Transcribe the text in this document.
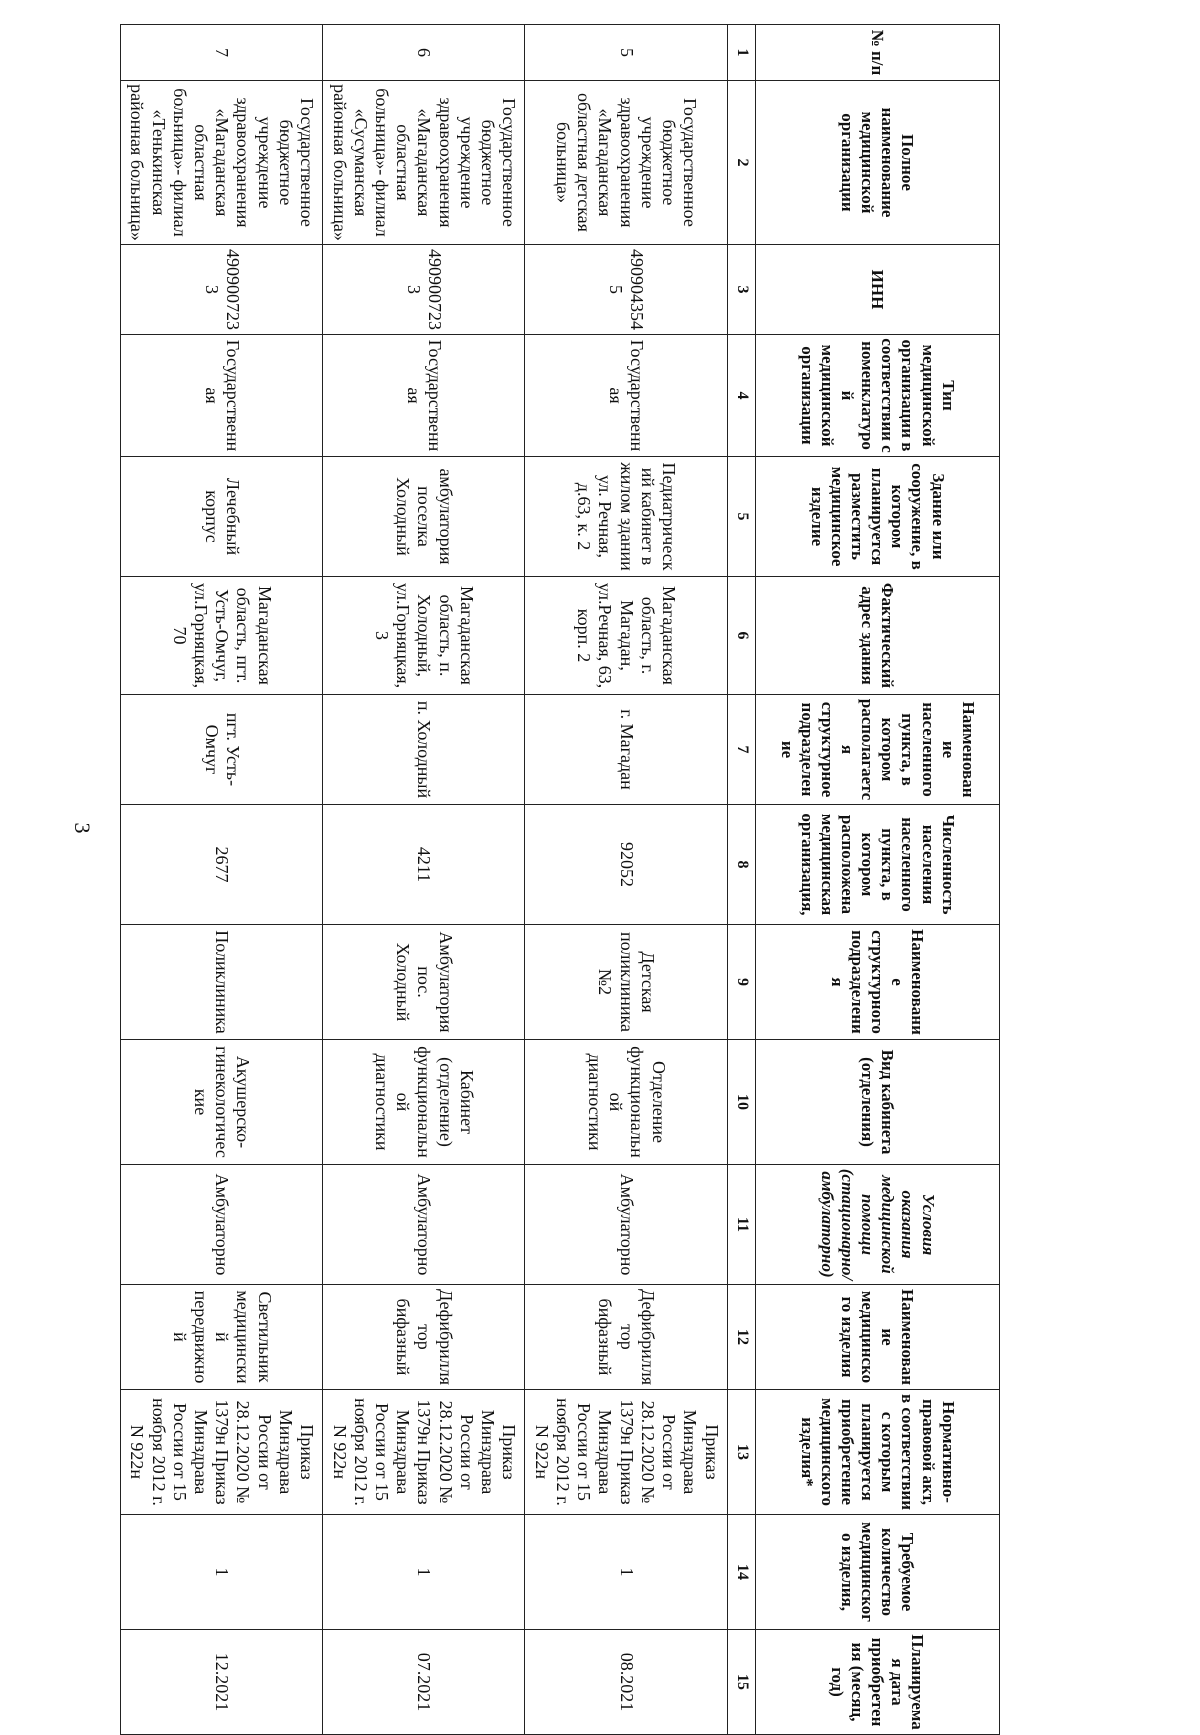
3
№ п/п	Полное наименование медицинской организации	ИНН	Тип медицинской организации в соответствии с номенклатурой медицинской организации	Здание или сооружение, в котором планируется разместить медицинское изделие	Фактический адрес здания	Наименование населенного пункта, в котором располагается структурное подразделение	Численность населения населенного пункта, в котором расположена медицинская организация,	Наименование структурного подразделения	Вид кабинета (отделения)	Условия оказания медицинской помощи (стационарно/ амбулаторно)	Наименование медицинского изделия	Нормативно-правовой акт, в соответствии с которым планируется приобретение медицинского изделия*	Требуемое количество медицинского изделия,	Планируемая дата приобретения (месяц, год)
1	2	3	4	5	6	7	8	9	10	11	12	13	14	15
5	Государственное бюджетное учреждение здравоохранения «Магаданская областная детская больница»	4909043545	Государственная	Педиатрический кабинет в жилом здании ул. Речная, д.63, к. 2	Магаданская область, г. Магадан, ул.Речная, 63, корп. 2	г. Магадан	92052	Детская поликлиника №2	Отделение функциональной диагностики	Амбулаторно	Дефибриллятор бифазный	Приказ Минздрава России от 28.12.2020 № 1379н Приказ Минздрава России от 15 ноября 2012 г. N 922н	1	08.2021
6	Государственное бюджетное учреждение здравоохранения «Магаданская областная больница»- филиал «Сусуманская районная больница»	4909007233	Государственная	амбулатория поселка Холодный	Магаданская область, п. Холодный, ул.Горняцкая, 3	п. Холодный	4211	Амбулатория пос. Холодный	Кабинет (отделение) функциональной диагностики	Амбулаторно	Дефибриллятор бифазный	Приказ Минздрава России от 28.12.2020 № 1379н Приказ Минздрава России от 15 ноября 2012 г. N 922н	1	07.2021
7	Государственное бюджетное учреждение здравоохранения «Магаданская областная больница»- филиал «Тенькинская районная больница»	4909007233	Государственная	Лечебный корпус	Магаданская область, пгт. Усть-Омчуг, ул.Горняцкая, 70	пгт. Усть-Омчуг	2677	Поликлиника	Акушерско-гинекологические	Амбулаторно	Светильник медицинский передвижной	Приказ Минздрава России от 28.12.2020 № 1379н Приказ Минздрава России от 15 ноября 2012 г. N 922н	1	12.2021
